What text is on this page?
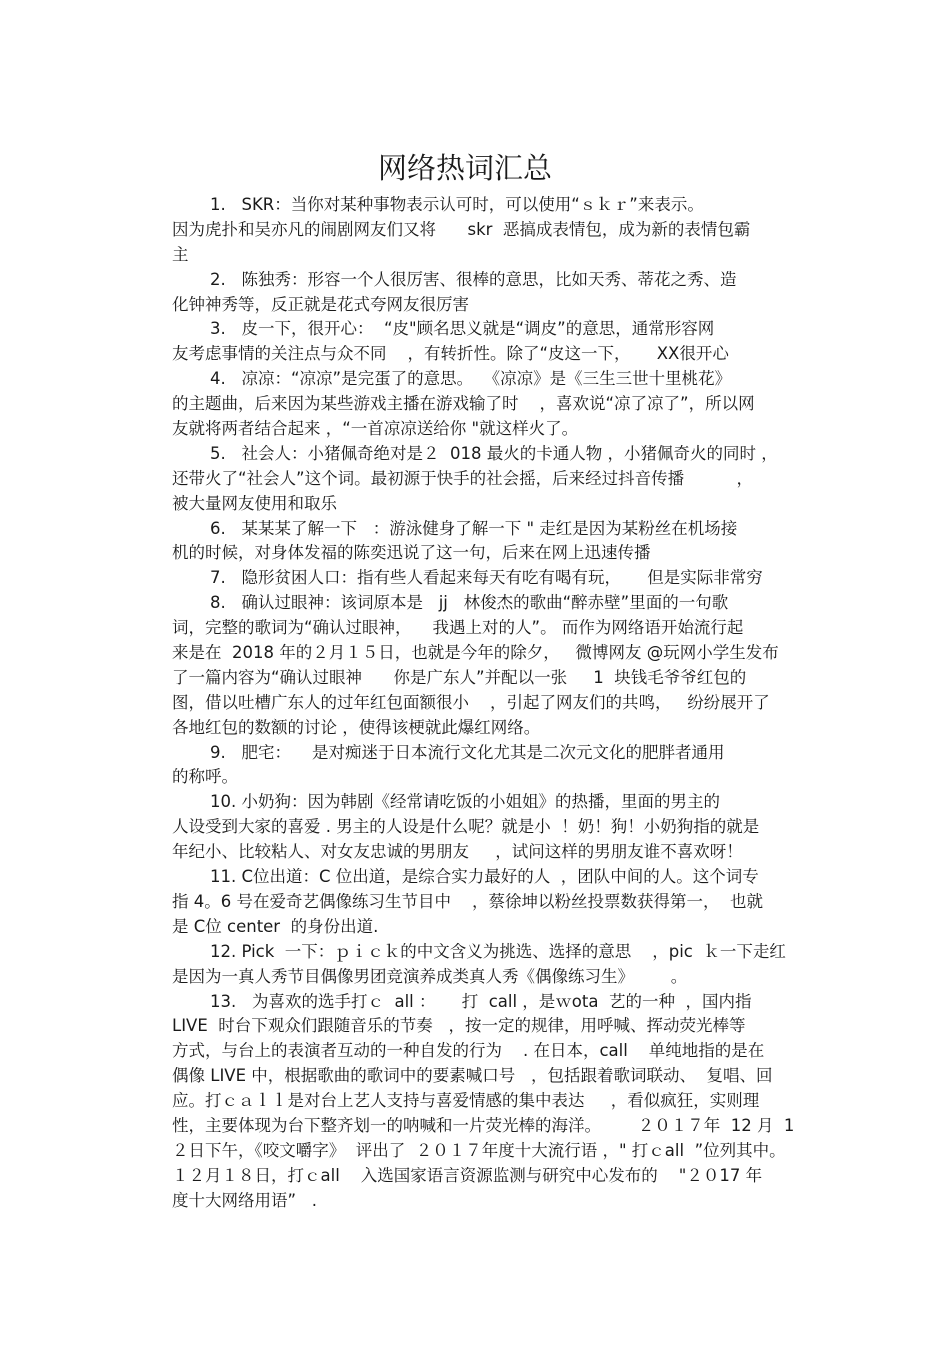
网络热词汇总
1.   SKR：当你对某种事物表示认可时，可以使用“ｓｋｒ”来表示。
因为虎扑和吴亦凡的闹剧网友们又将      skr  恶搞成表情包，成为新的表情包霸
主
2.   陈独秀：形容一个人很厉害、很棒的意思，比如天秀、蒂花之秀、造
化钟神秀等，反正就是花式夸网友很厉害
3.   皮一下，很开心：  “皮"顾名思义就是“调皮”的意思，通常形容网
友考虑事情的关注点与众不同    ，有转折性。除了“皮这一下，     XX很开心
4.   凉凉：“凉凉”是完蛋了的意思。  《凉凉》是《三生三世十里桃花》
的主题曲，后来因为某些游戏主播在游戏输了时    ，喜欢说“凉了凉了”，所以网
友就将两者结合起来 ，“一首凉凉送给你 "就这样火了。
5.   社会人：小猪佩奇绝对是２  018 最火的卡通人物 ，小猪佩奇火的同时 ，
还带火了“社会人”这个词。最初源于快手的社会摇，后来经过抖音传播          ，
被大量网友使用和取乐
6.   某某某了解一下   ：游泳健身了解一下 " 走红是因为某粉丝在机场接
机的时候，对身体发福的陈奕迅说了这一句，后来在网上迅速传播
7.   隐形贫困人口：指有些人看起来每天有吃有喝有玩，     但是实际非常穷
8.   确认过眼神：该词原本是   jj   林俊杰的歌曲“醉赤壁”里面的一句歌
词，完整的歌词为“确认过眼神，    我遇上对的人”。 而作为网络语开始流行起
来是在  2018 年的２月１５日，也就是今年的除夕，   微博网友 @玩网小学生发布
了一篇内容为“确认过眼神      你是广东人”并配以一张     1  块钱毛爷爷红包的
图，借以吐槽广东人的过年红包面额很小    ，引起了网友们的共鸣，   纷纷展开了
各地红包的数额的讨论 ，使得该梗就此爆红网络。
9.   肥宅：    是对痴迷于日本流行文化尤其是二次元文化的肥胖者通用
的称呼。
10. 小奶狗：因为韩剧《经常请吃饭的小姐姐》的热播，里面的男主的
人设受到大家的喜爱 . 男主的人设是什么呢？就是小  ！奶！狗！小奶狗指的就是
年纪小、比较粘人、对女友忠诚的男朋友     ，试问这样的男朋友谁不喜欢呀！
11. C位出道：C 位出道，是综合实力最好的人  ，团队中间的人。这个词专
指 4。6 号在爱奇艺偶像练习生节目中    ，蔡徐坤以粉丝投票数获得第一，  也就
是 C位 center  的身份出道.
12. Pick  一下：ｐｉｃｋ的中文含义为挑选、选择的意思    ，pic  ｋ一下走红
是因为一真人秀节目偶像男团竞演养成类真人秀《偶像练习生》       。
13.   为喜欢的选手打ｃ  all ：     打  call ，是ｗota  艺的一种  ，国内指
LIVE  时台下观众们跟随音乐的节奏   ，按一定的规律，用呼喊、挥动荧光棒等
方式，与台上的表演者互动的一种自发的行为    . 在日本，call    单纯地指的是在
偶像 LIVE 中，根据歌曲的歌词中的要素喊口号   ，包括跟着歌词联动、  复唱、回
应。打ｃａｌｌ是对台上艺人支持与喜爱情感的集中表达     ，看似疯狂，实则理
性，主要体现为台下整齐划一的呐喊和一片荧光棒的海洋。       ２０１７年  12 月  1
２日下午，《咬文嚼字》  评出了  ２０１７年度十大流行语 ，" 打ｃall  ”位列其中。
１２月１８日，打ｃall    入选国家语言资源监测与研究中心发布的    "２０17 年
度十大网络用语”   .
